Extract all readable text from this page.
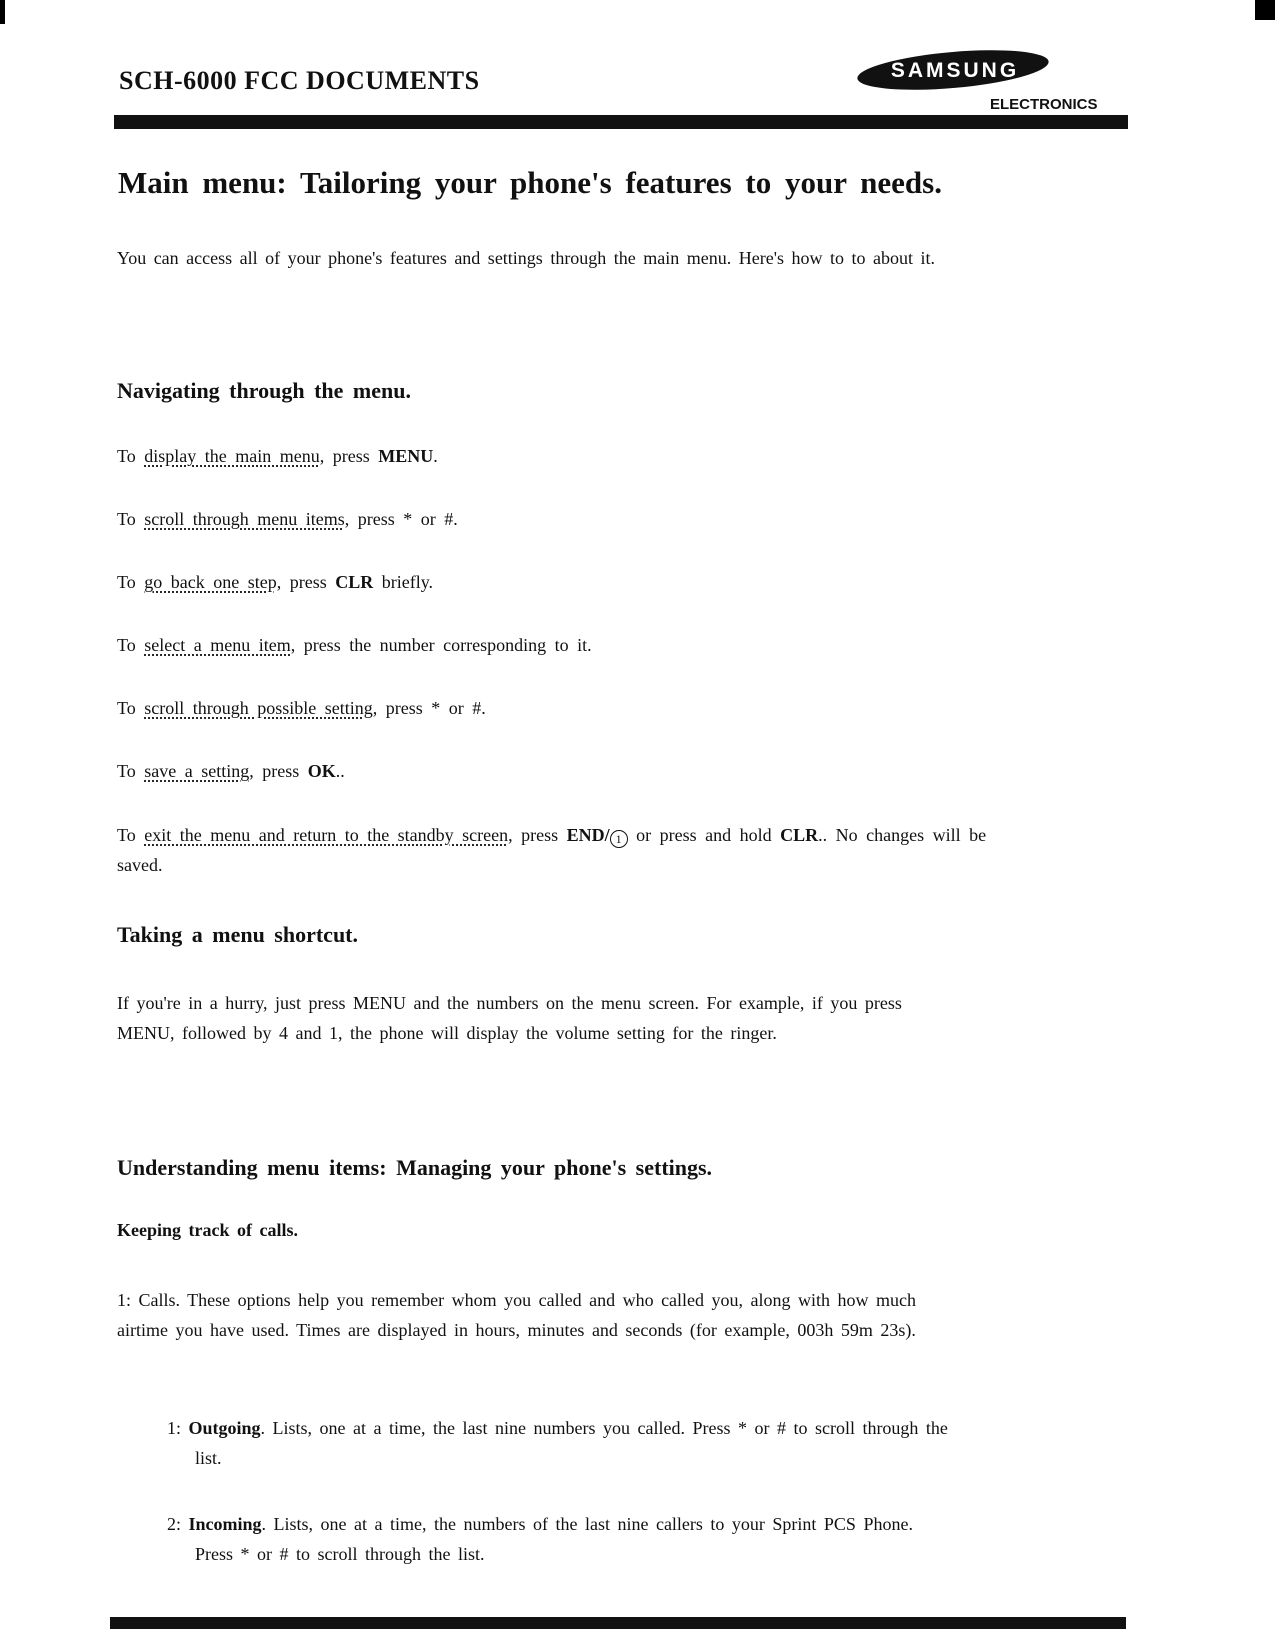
SCH-6000 FCC DOCUMENTS	SAMSUNG
ELECTRONICS
Main menu: Tailoring your phone's features to your needs.
You can access all of your phone's features and settings through the main menu. Here's how to to about it.
Navigating through the menu.
To display the main menu, press MENU.
To scroll through menu items, press * or #.
To go back one step, press CLR briefly.
To select a menu item, press the number corresponding to it.
To scroll through possible setting, press * or #.
To save a setting, press OK..
To exit the menu and return to the standby screen, press END/ 1 or press and hold CLR.. No changes will be
saved.
Taking a menu shortcut.
If you're in a hurry, just press MENU and the numbers on the menu screen. For example, if you press MENU, followed by 4 and 1, the phone will display the volume setting for the ringer.
Understanding menu items: Managing your phone's settings.
Keeping track of calls.
1: Calls. These options help you remember whom you called and who called you, along with how much airtime you have used. Times are displayed in hours, minutes and seconds (for example, 003h 59m 23s).
1: Outgoing. Lists, one at a time, the last nine numbers you called. Press * or # to scroll through the list.
2: Incoming. Lists, one at a time, the numbers of the last nine callers to your Sprint PCS Phone. Press * or # to scroll through the list.
